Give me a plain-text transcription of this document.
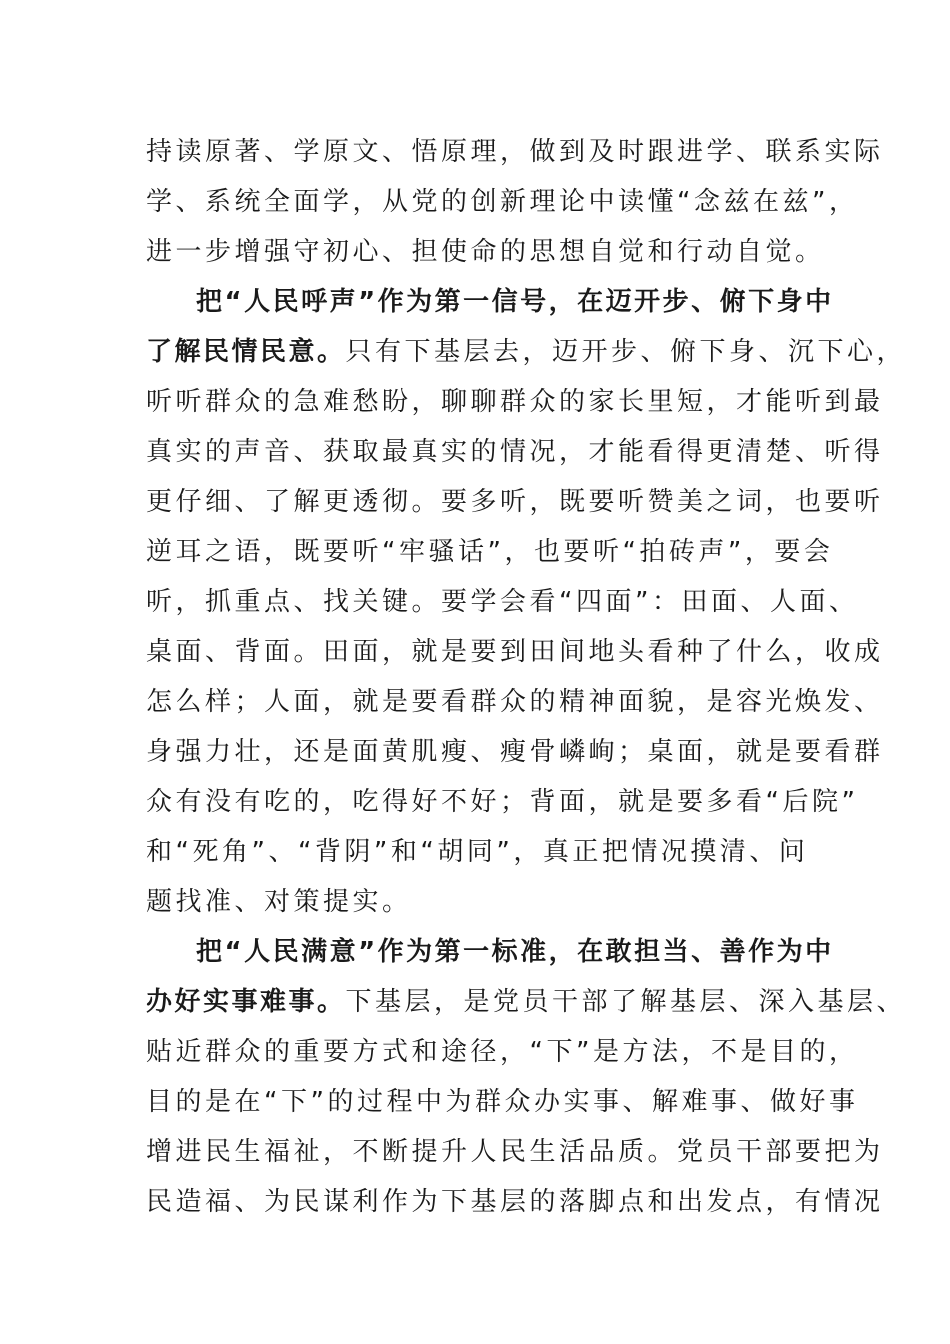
持读原著、学原文、悟原理，做到及时跟进学、联系实际
学、系统全面学，从党的创新理论中读懂“念兹在兹”，
进一步增强守初心、担使命的思想自觉和行动自觉。
把“人民呼声”作为第一信号，在迈开步、俯下身中
了解民情民意。只有下基层去，迈开步、俯下身、沉下心，
听听群众的急难愁盼，聊聊群众的家长里短，才能听到最
真实的声音、获取最真实的情况，才能看得更清楚、听得
更仔细、了解更透彻。要多听，既要听赞美之词，也要听
逆耳之语，既要听“牢骚话”，也要听“拍砖声”，要会
听，抓重点、找关键。要学会看“四面”：田面、人面、
桌面、背面。田面，就是要到田间地头看种了什么，收成
怎么样；人面，就是要看群众的精神面貌，是容光焕发、
身强力壮，还是面黄肌瘦、瘦骨嶙峋；桌面，就是要看群
众有没有吃的，吃得好不好；背面，就是要多看“后院”
和“死角”、“背阴”和“胡同”，真正把情况摸清、问
题找准、对策提实。
把“人民满意”作为第一标准，在敢担当、善作为中
办好实事难事。下基层，是党员干部了解基层、深入基层、
贴近群众的重要方式和途径，“下”是方法，不是目的，
目的是在“下”的过程中为群众办实事、解难事、做好事
增进民生福祉，不断提升人民生活品质。党员干部要把为
民造福、为民谋利作为下基层的落脚点和出发点，有情况
